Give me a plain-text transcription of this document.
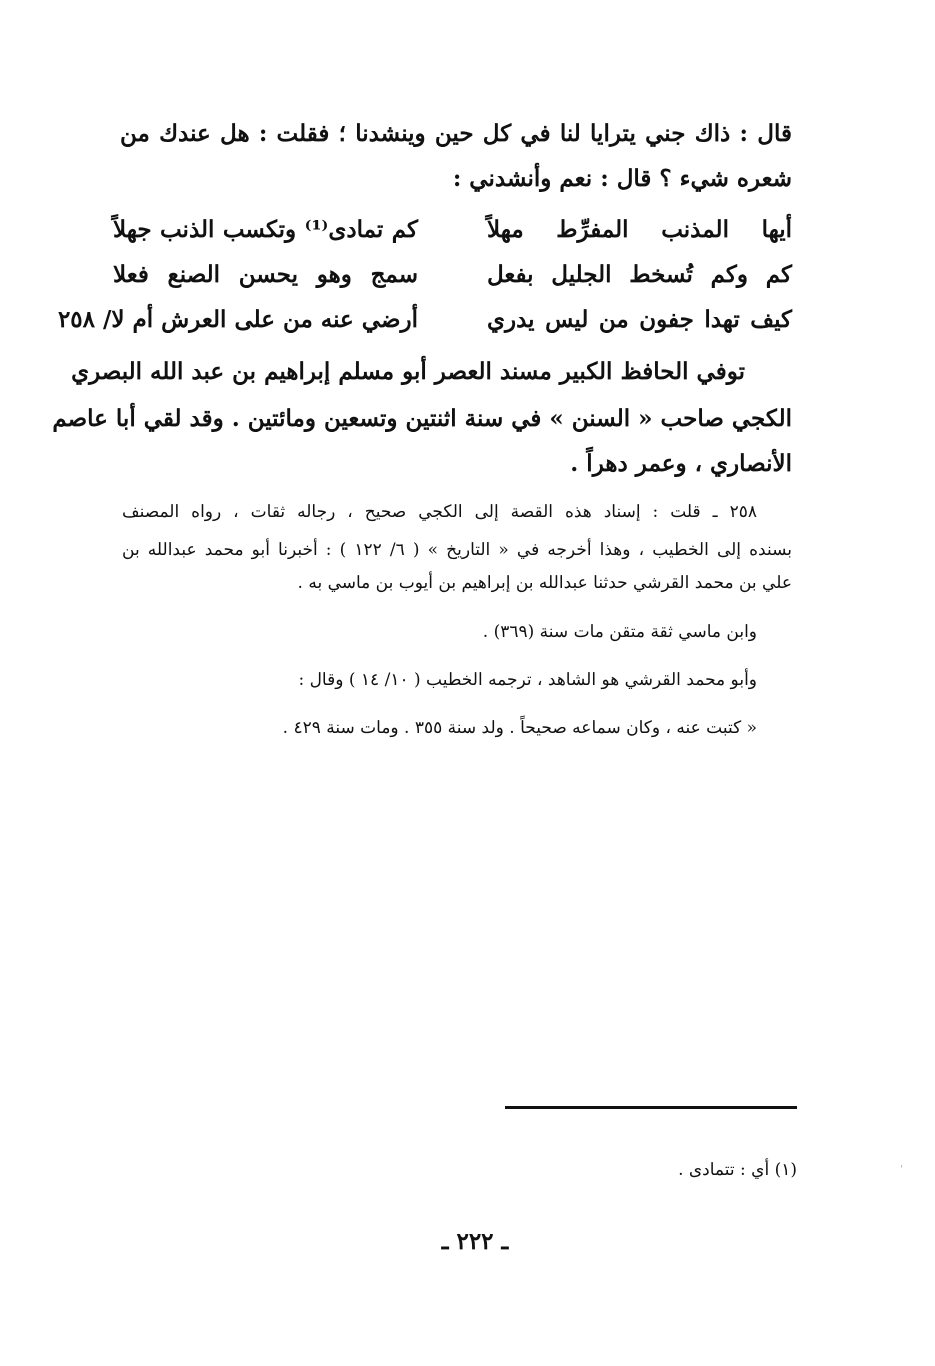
قال : ذاك جني يترايا لنا في كل حين وينشدنا ؛ فقلت : هل عندك من
شعره شيء ؟ قال : نعم وأنشدني :
أيها المذنب المفرِّط مهلاً
كم وكم تُسخط الجليل بفعل
كيف تهدا جفون من ليس يدري
كم تمادى⁽¹⁾ وتكسب الذنب جهلاً
سمج وهو يحسن الصنع فعلا
أرضي عنه من على العرش أم لا/ ٢٥٨
توفي الحافظ الكبير مسند العصر أبو مسلم إبراهيم بن عبد الله البصري
الكجي صاحب « السنن » في سنة اثنتين وتسعين ومائتين . وقد لقي أبا عاصم
الأنصاري ، وعمر دهراً .
٢٥٨ ـ قلت : إسناد هذه القصة إلى الكجي صحيح ، رجاله ثقات ، رواه المصنف
بسنده إلى الخطيب ، وهذا أخرجه في « التاريخ » ( ٦/ ١٢٢ ) : أخبرنا أبو محمد عبدالله بن
علي بن محمد القرشي حدثنا عبدالله بن إبراهيم بن أيوب بن ماسي به .
وابن ماسي ثقة متقن مات سنة (٣٦٩) .
وأبو محمد القرشي هو الشاهد ، ترجمه الخطيب ( ١٠/ ١٤ ) وقال :
« كتبت عنه ، وكان سماعه صحيحاً . ولد سنة ٣٥٥ . ومات سنة ٤٢٩ .
(١) أي : تتمادى .
ـ ٢٢٢ ـ
ˈ
